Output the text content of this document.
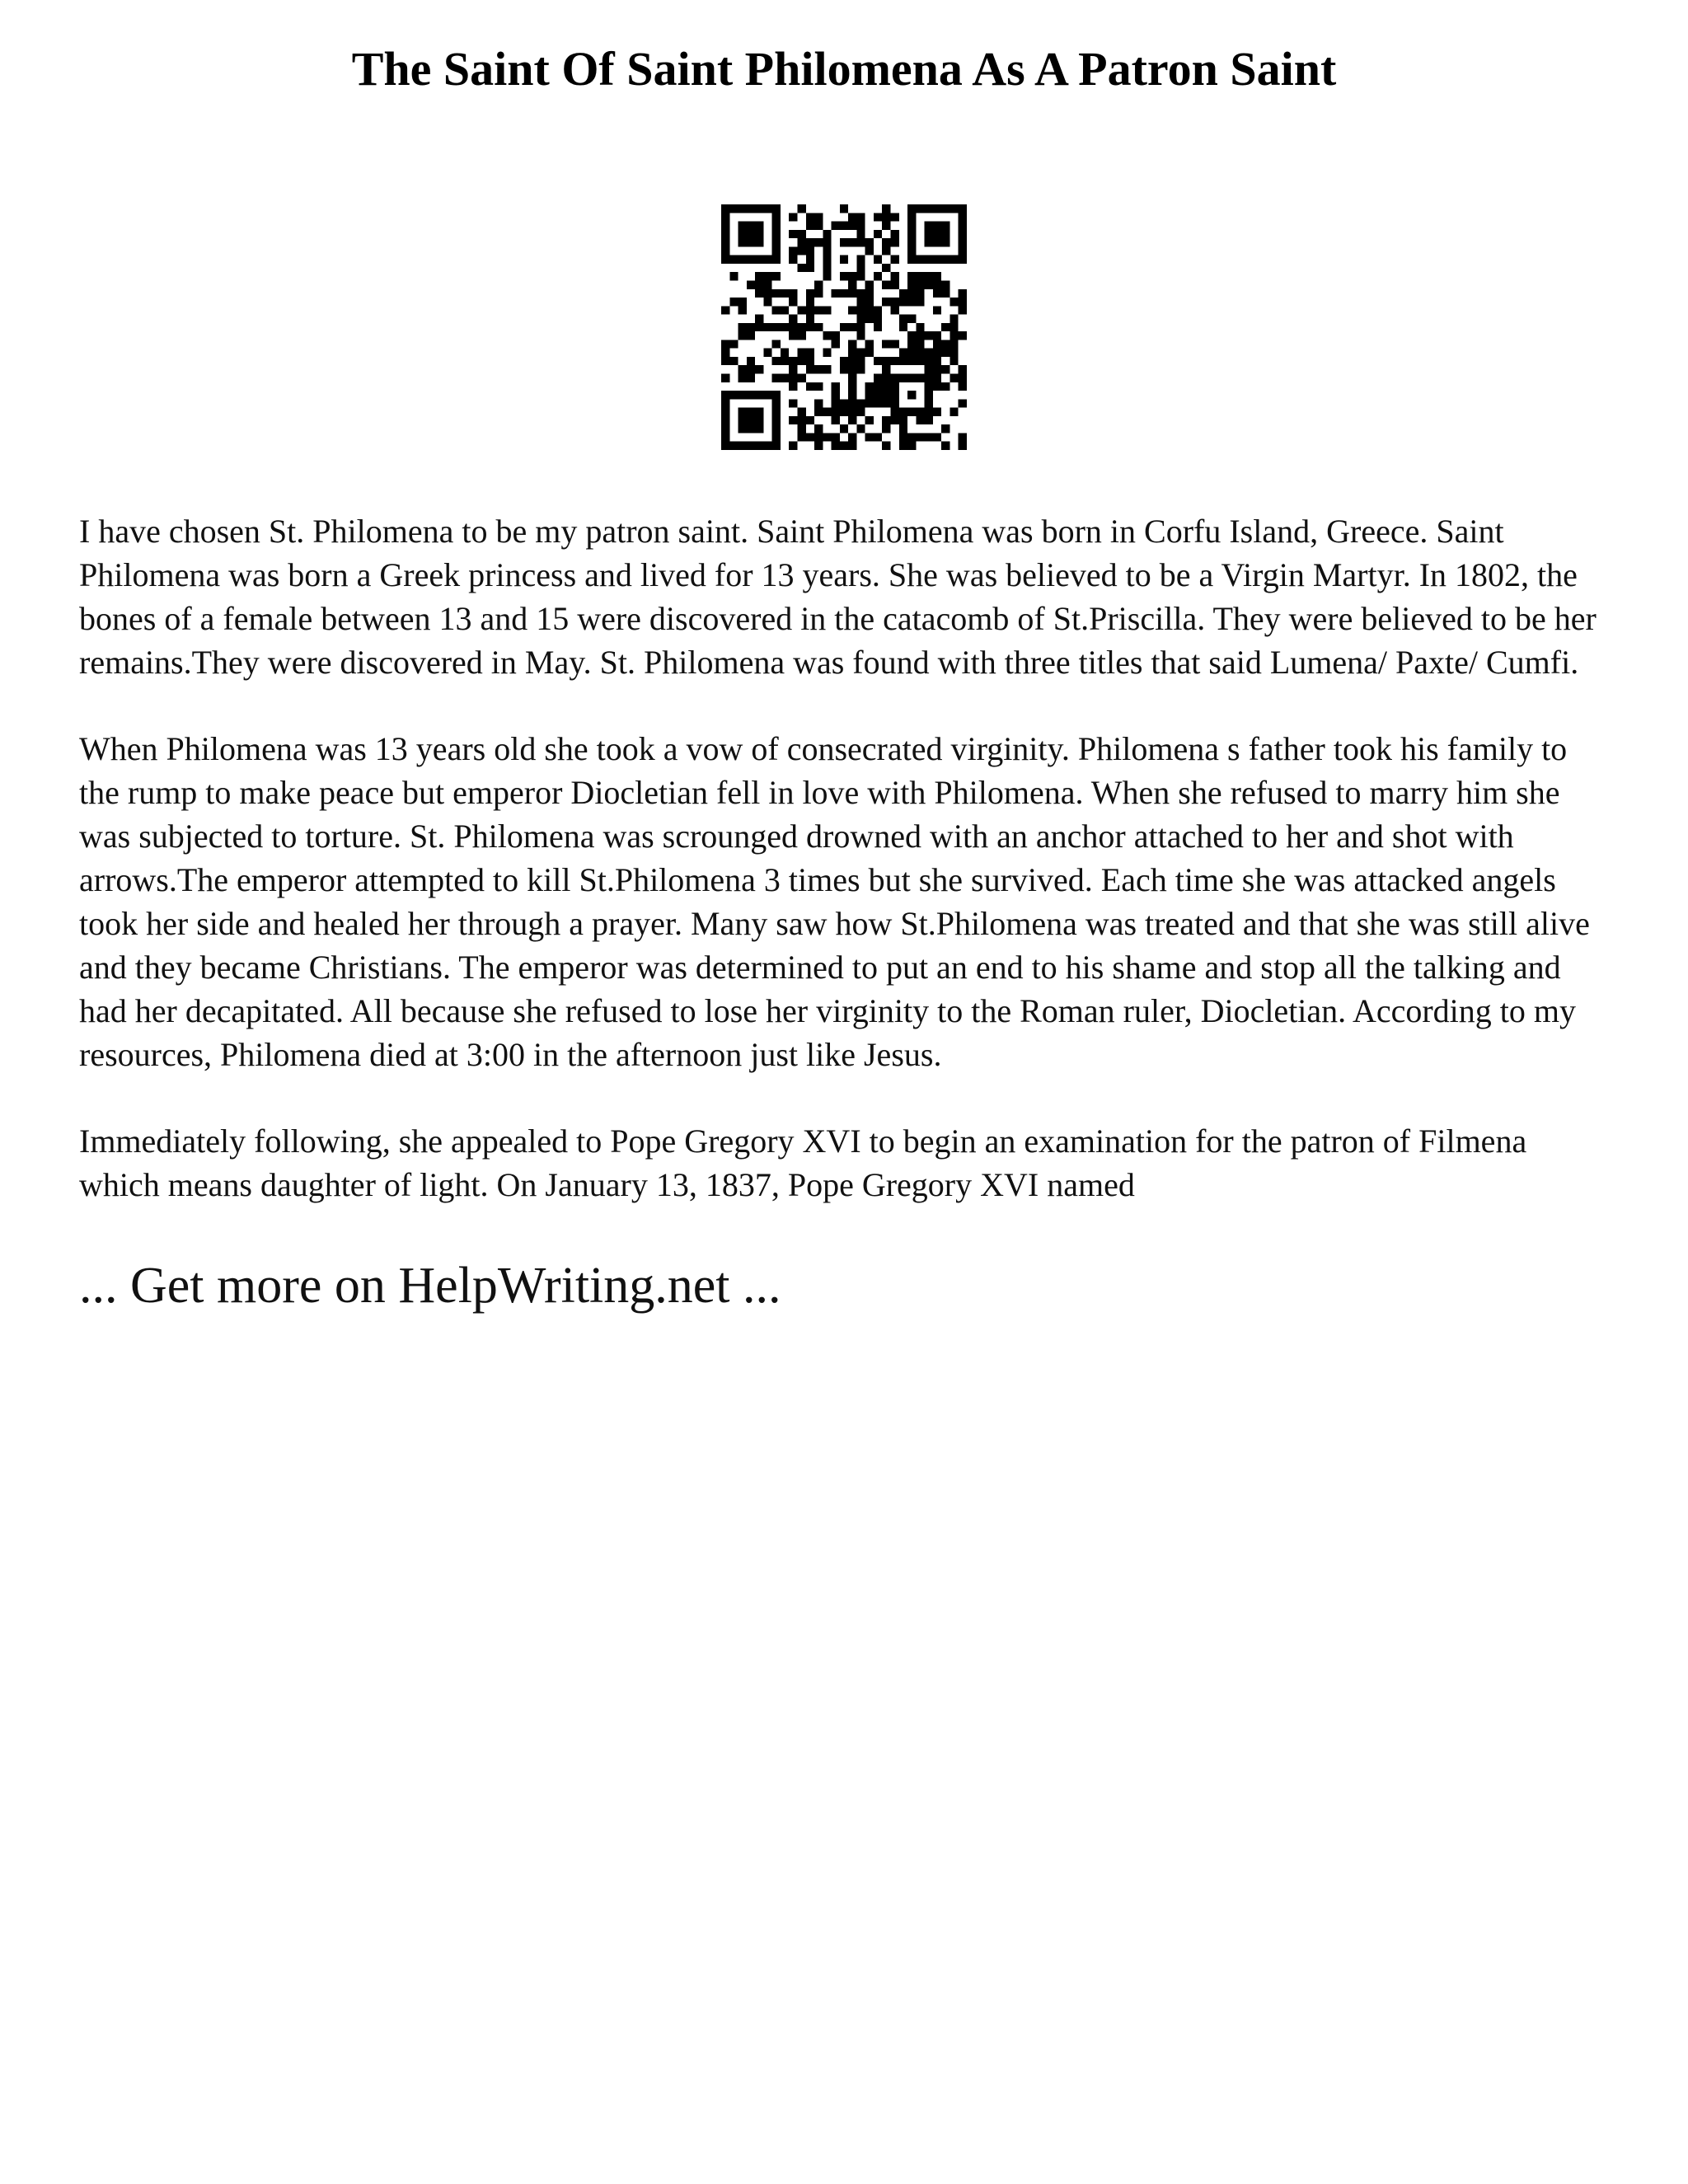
The Saint Of Saint Philomena As A Patron Saint

I have chosen St. Philomena to be my patron saint. Saint Philomena was born in Corfu Island, Greece. Saint Philomena was born a Greek princess and lived for 13 years. She was believed to be a Virgin Martyr. In 1802, the bones of a female between 13 and 15 were discovered in the catacomb of St.Priscilla. They were believed to be her remains.They were discovered in May. St. Philomena was found with three titles that said Lumena/ Paxte/ Cumfi.

When Philomena was 13 years old she took a vow of consecrated virginity. Philomena s father took his family to the rump to make peace but emperor Diocletian fell in love with Philomena. When she refused to marry him she was subjected to torture. St. Philomena was scrounged drowned with an anchor attached to her and shot with arrows.The emperor attempted to kill St.Philomena 3 times but she survived. Each time she was attacked angels took her side and healed her through a prayer. Many saw how St.Philomena was treated and that she was still alive and they became Christians. The emperor was determined to put an end to his shame and stop all the talking and had her decapitated. All because she refused to lose her virginity to the Roman ruler, Diocletian. According to my resources, Philomena died at 3:00 in the afternoon just like Jesus.

Immediately following, she appealed to Pope Gregory XVI to begin an examination for the patron of Filmena which means daughter of light. On January 13, 1837, Pope Gregory XVI named

... Get more on HelpWriting.net ...
